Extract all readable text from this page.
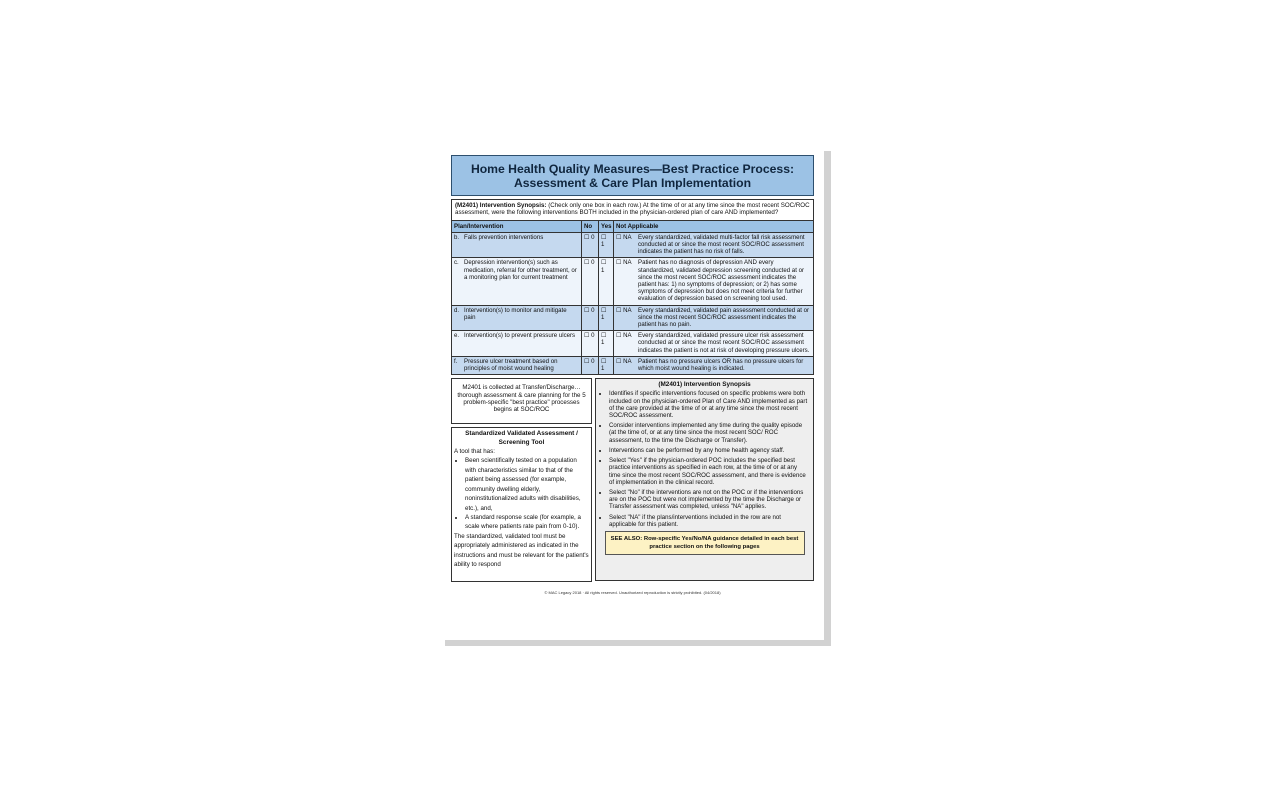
Home Health Quality Measures—Best Practice Process:
Assessment & Care Plan Implementation
(M2401) Intervention Synopsis: (Check only one box in each row.) At the time of or at any time since the most recent SOC/ROC assessment, were the following interventions BOTH included in the physician-ordered plan of care AND implemented?
Plan/Intervention	No	Yes	Not Applicable

b. Falls prevention interventions	☐ 0	☐ 1	☐ NA Every standardized, validated multi-factor fall risk assessment conducted at or since the most recent SOC/ROC assessment indicates the patient has no risk of falls.

c. Depression intervention(s) such as medication, referral for other treatment, or a monitoring plan for current treatment	☐ 0	☐ 1	☐ NA Patient has no diagnosis of depression AND every standardized, validated depression screening conducted at or since the most recent SOC/ROC assessment indicates the patient has: 1) no symptoms of depression; or 2) has some symptoms of depression but does not meet criteria for further evaluation of depression based on screening tool used.

d. Intervention(s) to monitor and mitigate pain	☐ 0	☐ 1	☐ NA Every standardized, validated pain assessment conducted at or since the most recent SOC/ROC assessment indicates the patient has no pain.

e. Intervention(s) to prevent pressure ulcers	☐ 0	☐ 1	☐ NA Every standardized, validated pressure ulcer risk assessment conducted at or since the most recent SOC/ROC assessment indicates the patient is not at risk of developing pressure ulcers.

f. Pressure ulcer treatment based on principles of moist wound healing	☐ 0	☐ 1	☐ NA Patient has no pressure ulcers OR has no pressure ulcers for which moist wound healing is indicated.
M2401 is collected at Transfer/Discharge… thorough assessment & care planning for the 5 problem-specific "best practice" processes begins at SOC/ROC
Standardized Validated Assessment / Screening Tool

A tool that has:

• Been scientifically tested on a population with characteristics similar to that of the patient being assessed (for example, community dwelling elderly, noninstitutionalized adults with disabilities, etc.), and,
• A standard response scale (for example, a scale where patients rate pain from 0-10).

The standardized, validated tool must be appropriately administered as indicated in the instructions and must be relevant for the patient's ability to respond

(M2401) Intervention Synopsis
• Identifies if specific interventions focused on specific problems were both included on the physician-ordered Plan of Care AND implemented as part of the care provided at the time of or at any time since the most recent SOC/ROC assessment.
• Consider interventions implemented any time during the quality episode (at the time of, or at any time since the most recent SOC/ ROC assessment, to the time the Discharge or Transfer).
• Interventions can be performed by any home health agency staff.
• Select "Yes" if the physician-ordered POC includes the specified best practice interventions as specified in each row, at the time of or at any time since the most recent SOC/ROC assessment, and there is evidence of implementation in the clinical record.
• Select "No" if the interventions are not on the POC or if the interventions are on the POC but were not implemented by the time the Discharge or Transfer assessment was completed, unless "NA" applies.
• Select "NA" if the plans/interventions included in the row are not applicable for this patient.
SEE ALSO: Row-specific Yes/No/NA guidance detailed in each best practice section on the following pages
© MAC Legacy 2018 · All rights reserved. Unauthorized reproduction is strictly prohibited. (04/2018)
